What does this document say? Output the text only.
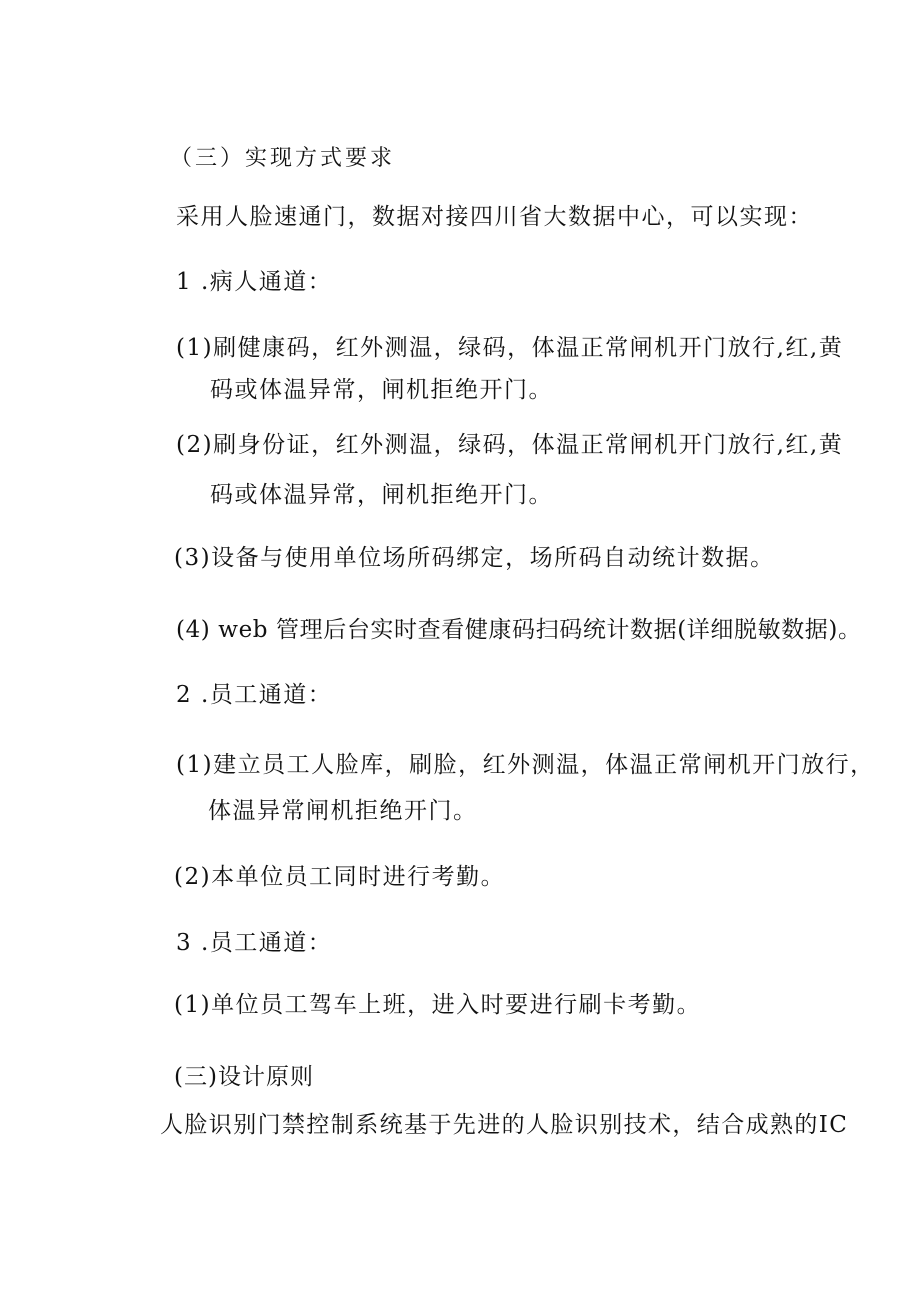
（三）实现方式要求
采用人脸速通门，数据对接四川省大数据中心，可以实现：
1 .病人通道：
(1)刷健康码，红外测温，绿码，体温正常闸机开门放行,红,黄
码或体温异常，闸机拒绝开门。
(2)刷身份证，红外测温，绿码，体温正常闸机开门放行,红,黄
码或体温异常，闸机拒绝开门。
(3)设备与使用单位场所码绑定，场所码自动统计数据。
(4) web 管理后台实时查看健康码扫码统计数据(详细脱敏数据)。
2 .员工通道：
(1)建立员工人脸库，刷脸，红外测温，体温正常闸机开门放行，
体温异常闸机拒绝开门。
(2)本单位员工同时进行考勤。
3 .员工通道：
(1)单位员工驾车上班，进入时要进行刷卡考勤。
(三)设计原则
人脸识别门禁控制系统基于先进的人脸识别技术，结合成熟的IC
